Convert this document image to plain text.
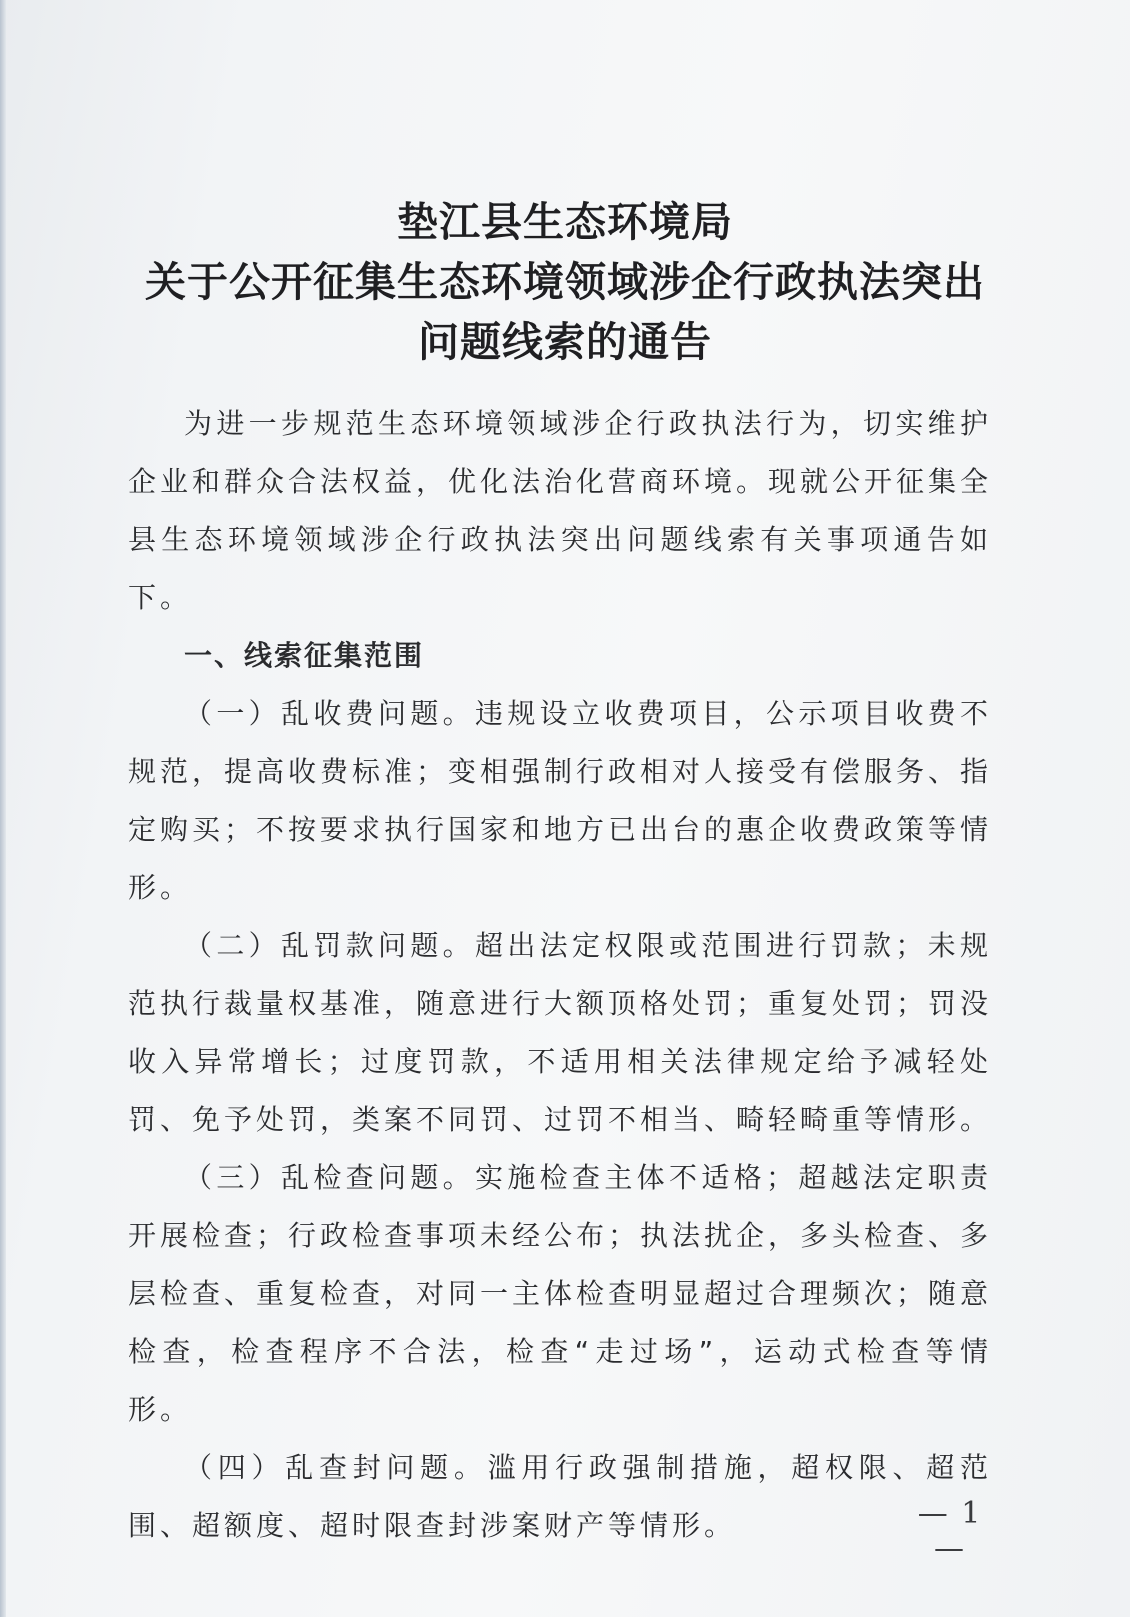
垫江县生态环境局
关于公开征集生态环境领域涉企行政执法突出
问题线索的通告

为进一步规范生态环境领域涉企行政执法行为，切实维护企业和群众合法权益，优化法治化营商环境。现就公开征集全县生态环境领域涉企行政执法突出问题线索有关事项通告如下。

一、线索征集范围

（一）乱收费问题。违规设立收费项目，公示项目收费不规范，提高收费标准；变相强制行政相对人接受有偿服务、指定购买；不按要求执行国家和地方已出台的惠企收费政策等情形。

（二）乱罚款问题。超出法定权限或范围进行罚款；未规范执行裁量权基准，随意进行大额顶格处罚；重复处罚；罚没收入异常增长；过度罚款，不适用相关法律规定给予减轻处罚、免予处罚，类案不同罚、过罚不相当、畸轻畸重等情形。

（三）乱检查问题。实施检查主体不适格；超越法定职责开展检查；行政检查事项未经公布；执法扰企，多头检查、多层检查、重复检查，对同一主体检查明显超过合理频次；随意检查，检查程序不合法，检查“走过场”，运动式检查等情形。

（四）乱查封问题。滥用行政强制措施，超权限、超范围、超额度、超时限查封涉案财产等情形。	— 1 —
